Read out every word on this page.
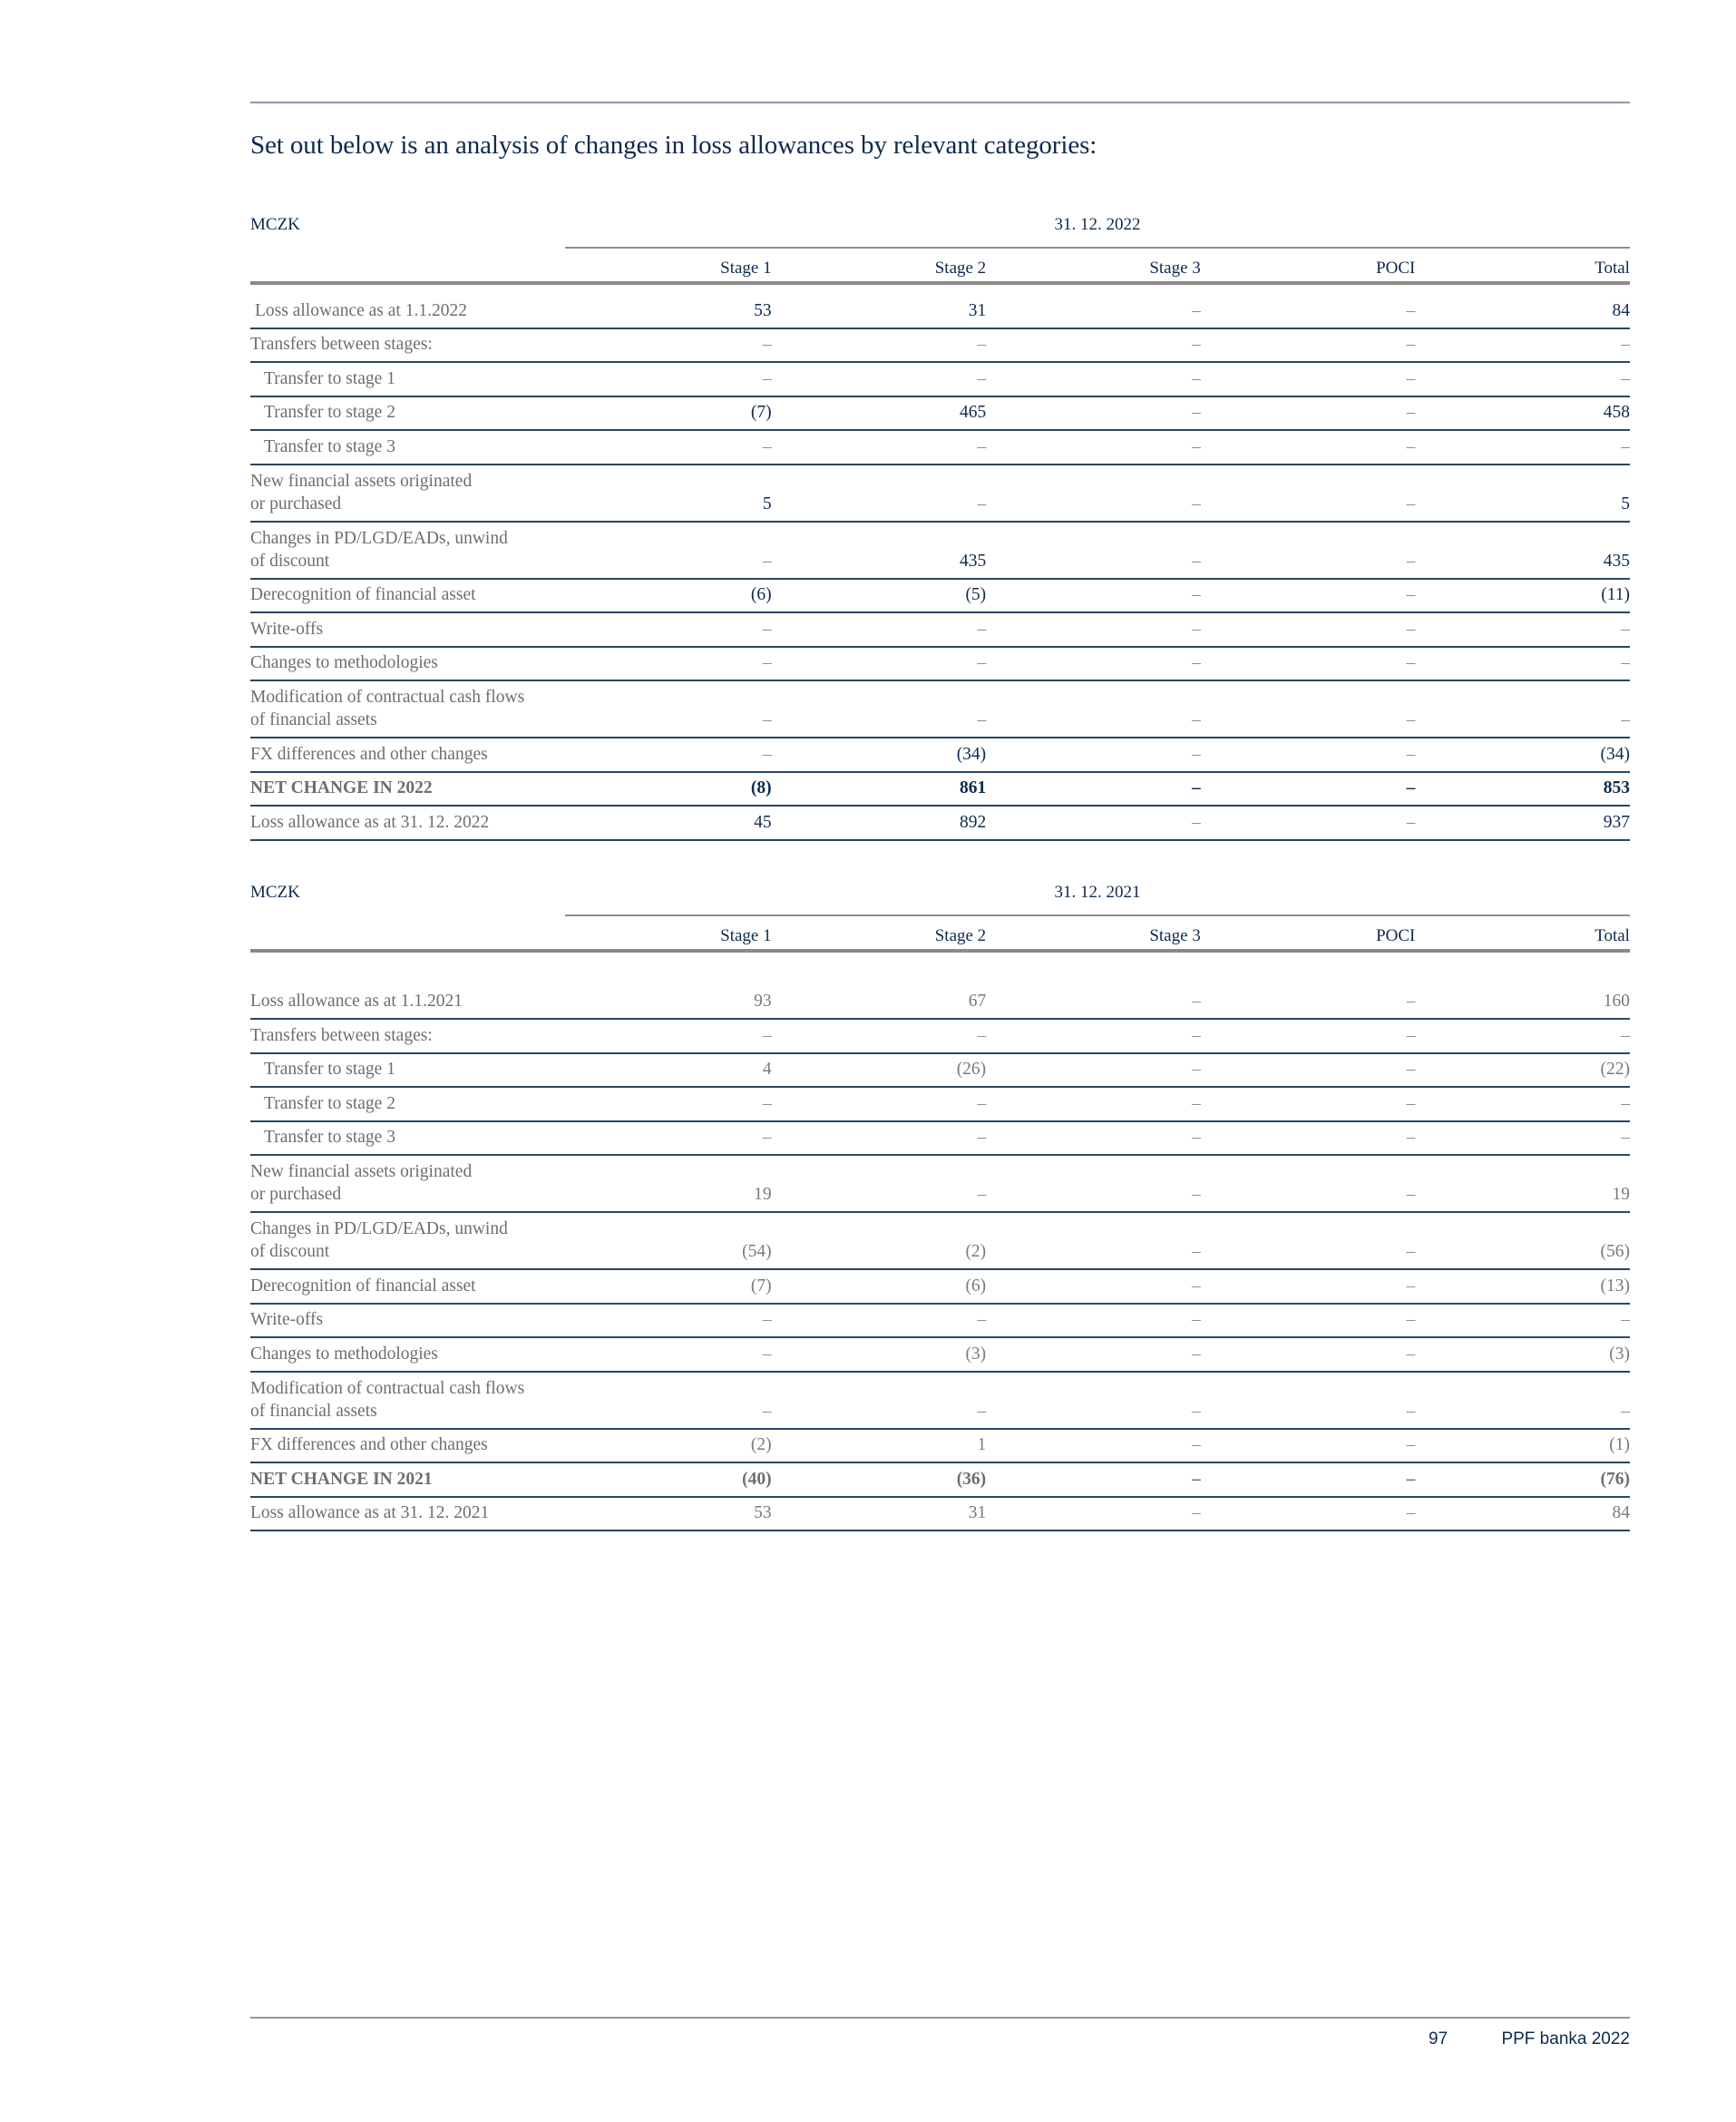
Set out below is an analysis of changes in loss allowances by relevant categories:
MCZK	31. 12. 2022
Stage 1	Stage 2	Stage 3	POCI	Total
Loss allowance as at 1.1.2022	53	31	–	–	84
Transfers between stages:	–	–	–	–	–
Transfer to stage 1	–	–	–	–	–
Transfer to stage 2	(7)	465	–	–	458
Transfer to stage 3	–	–	–	–	–
New financial assets originated
or purchased	5	–	–	–	5
Changes in PD/LGD/EADs, unwind
of discount	–	435	–	–	435
Derecognition of financial asset	(6)	(5)	–	–	(11)
Write-offs	–	–	–	–	–
Changes to methodologies	–	–	–	–	–
Modification of contractual cash flows
of financial assets	–	–	–	–	–
FX differences and other changes	–	(34)	–	–	(34)
NET CHANGE IN 2022	(8)	861	–	–	853
Loss allowance as at 31. 12. 2022	45	892	–	–	937
MCZK	31. 12. 2021
Stage 1	Stage 2	Stage 3	POCI	Total
Loss allowance as at 1.1.2021	93	67	–	–	160
Transfers between stages:	–	–	–	–	–
Transfer to stage 1	4	(26)	–	–	(22)
Transfer to stage 2	–	–	–	–	–
Transfer to stage 3	–	–	–	–	–
New financial assets originated
or purchased	19	–	–	–	19
Changes in PD/LGD/EADs, unwind
of discount	(54)	(2)	–	–	(56)
Derecognition of financial asset	(7)	(6)	–	–	(13)
Write-offs	–	–	–	–	–
Changes to methodologies	–	(3)	–	–	(3)
Modification of contractual cash flows
of financial assets	–	–	–	–	–
FX differences and other changes	(2)	1	–	–	(1)
NET CHANGE IN 2021	(40)	(36)	–	–	(76)
Loss allowance as at 31. 12. 2021	53	31	–	–	84
97	PPF banka 2022
